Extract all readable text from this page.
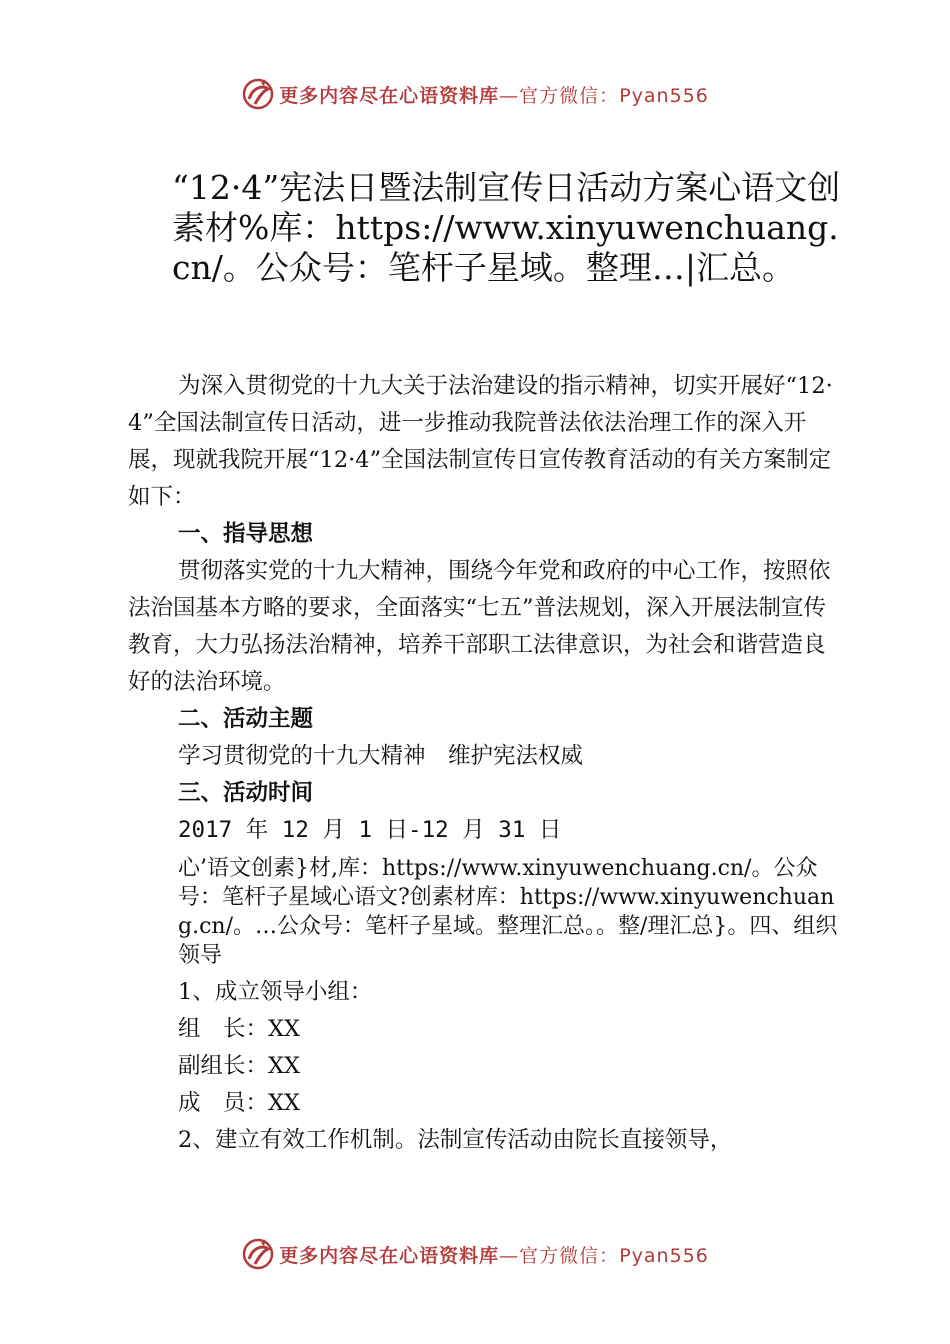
更多内容尽在心语资料库—官方微信：Pyan556
“12·4”宪法日暨法制宣传日活动方案心语文创素材%库：https://www.xinyuwenchuang.cn/。公众号：笔杆子星域。整理…|汇总。

为深入贯彻党的十九大关于法治建设的指示精神，切实开展好“12·4”全国法制宣传日活动，进一步推动我院普法依法治理工作的深入开展，现就我院开展“12·4”全国法制宣传日宣传教育活动的有关方案制定如下：

一、指导思想

贯彻落实党的十九大精神，围绕今年党和政府的中心工作，按照依法治国基本方略的要求，全面落实“七五”普法规划，深入开展法制宣传教育，大力弘扬法治精神，培养干部职工法律意识，为社会和谐营造良好的法治环境。

二、活动主题

学习贯彻党的十九大精神　维护宪法权威

三、活动时间

2017 年 12 月 1 日-12 月 31 日

心’语文创素}材,库：https://www.xinyuwenchuang.cn/。公众号：笔杆子星域心语文?创素材库：https://www.xinyuwenchuang.cn/。…公众号：笔杆子星域。整理汇总。。整/理汇总}。四、组织领导

1、成立领导小组：

组　长：XX

副组长：XX

成　员：XX

2、建立有效工作机制。法制宣传活动由院长直接领导，

更多内容尽在心语资料库—官方微信：Pyan556
